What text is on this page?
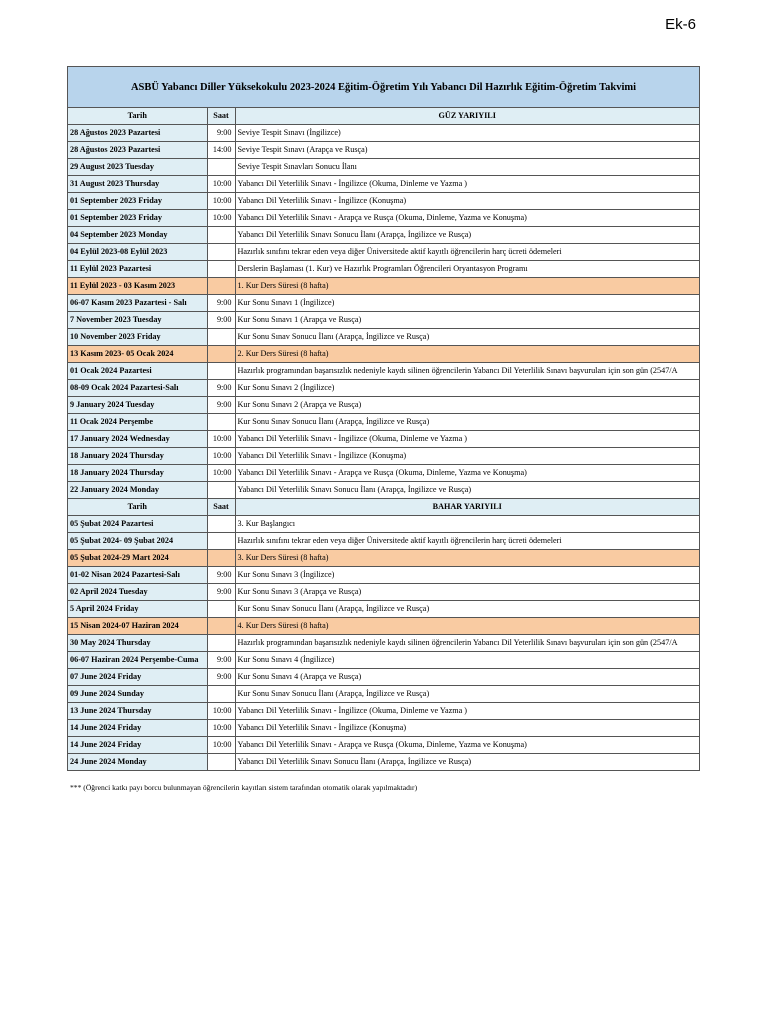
Ek-6
ASBÜ Yabancı Diller Yüksekokulu 2023-2024 Eğitim-Öğretim Yılı Yabancı Dil Hazırlık Eğitim-Öğretim Takvimi
Tarih	Saat	GÜZ YARIYILI
28 Ağustos 2023 Pazartesi	9:00	Seviye Tespit Sınavı (İngilizce)
28 Ağustos 2023 Pazartesi	14:00	Seviye Tespit Sınavı (Arapça ve Rusça)
29 August 2023 Tuesday		Seviye Tespit Sınavları Sonucu İlanı
31 August 2023 Thursday	10:00	Yabancı Dil Yeterlilik Sınavı - İngilizce (Okuma, Dinleme ve Yazma )
01 September 2023 Friday	10:00	Yabancı Dil Yeterlilik Sınavı - İngilizce (Konuşma)
01 September 2023 Friday	10:00	Yabancı Dil Yeterlilik Sınavı - Arapça ve Rusça (Okuma, Dinleme, Yazma ve Konuşma)
04 September 2023 Monday		Yabancı Dil Yeterlilik Sınavı Sonucu İlanı (Arapça, İngilizce ve Rusça)
04 Eylül 2023-08 Eylül 2023		Hazırlık sınıfını tekrar eden veya diğer Üniversitede aktif kayıtlı öğrencilerin harç ücreti ödemeleri
11 Eylül 2023 Pazartesi		Derslerin Başlaması (1. Kur) ve Hazırlık Programları Öğrencileri Oryantasyon Programı
11 Eylül 2023 - 03 Kasım 2023		1. Kur Ders Süresi (8 hafta)
06-07 Kasım 2023 Pazartesi - Salı	9:00	Kur Sonu Sınavı 1 (İngilizce)
7 November 2023 Tuesday	9:00	Kur Sonu Sınavı 1 (Arapça ve Rusça)
10 November 2023 Friday		Kur Sonu Sınav Sonucu İlanı (Arapça, İngilizce ve Rusça)
13 Kasım 2023- 05 Ocak 2024		2. Kur Ders Süresi (8 hafta)
01 Ocak 2024 Pazartesi		Hazırlık programından başarısızlık nedeniyle kaydı silinen öğrencilerin Yabancı Dil Yeterlilik Sınavı başvuruları için son gün (2547/A
08-09 Ocak 2024 Pazartesi-Salı	9:00	Kur Sonu Sınavı 2 (İngilizce)
9 January 2024 Tuesday	9:00	Kur Sonu Sınavı 2 (Arapça ve Rusça)
11 Ocak 2024 Perşembe		Kur Sonu Sınav Sonucu İlanı (Arapça, İngilizce ve Rusça)
17 January 2024 Wednesday	10:00	Yabancı Dil Yeterlilik Sınavı - İngilizce (Okuma, Dinleme ve Yazma )
18 January 2024 Thursday	10:00	Yabancı Dil Yeterlilik Sınavı - İngilizce (Konuşma)
18 January 2024 Thursday	10:00	Yabancı Dil Yeterlilik Sınavı - Arapça ve Rusça (Okuma, Dinleme, Yazma ve Konuşma)
22 January 2024 Monday		Yabancı Dil Yeterlilik Sınavı Sonucu İlanı (Arapça, İngilizce ve Rusça)
Tarih	Saat	BAHAR YARIYILI
05 Şubat 2024 Pazartesi		3. Kur Başlangıcı
05 Şubat 2024- 09 Şubat 2024		Hazırlık sınıfını tekrar eden veya diğer Üniversitede aktif kayıtlı öğrencilerin harç ücreti ödemeleri
05 Şubat 2024-29 Mart 2024		3. Kur Ders Süresi (8 hafta)
01-02 Nisan 2024 Pazartesi-Salı	9:00	Kur Sonu Sınavı 3 (İngilizce)
02 April 2024 Tuesday	9:00	Kur Sonu Sınavı 3 (Arapça ve Rusça)
5 April 2024 Friday		Kur Sonu Sınav Sonucu İlanı (Arapça, İngilizce ve Rusça)
15 Nisan 2024-07 Haziran 2024		4. Kur Ders Süresi (8 hafta)
30 May 2024 Thursday		Hazırlık programından başarısızlık nedeniyle kaydı silinen öğrencilerin Yabancı Dil Yeterlilik Sınavı başvuruları için son gün (2547/A
06-07 Haziran 2024 Perşembe-Cuma	9:00	Kur Sonu Sınavı 4 (İngilizce)
07 June 2024 Friday	9:00	Kur Sonu Sınavı 4 (Arapça ve Rusça)
09 June 2024 Sunday		Kur Sonu Sınav Sonucu İlanı (Arapça, İngilizce ve Rusça)
13 June 2024 Thursday	10:00	Yabancı Dil Yeterlilik Sınavı - İngilizce (Okuma, Dinleme ve Yazma )
14 June 2024 Friday	10:00	Yabancı Dil Yeterlilik Sınavı - İngilizce (Konuşma)
14 June 2024 Friday	10:00	Yabancı Dil Yeterlilik Sınavı - Arapça ve Rusça (Okuma, Dinleme, Yazma ve Konuşma)
24 June 2024 Monday		Yabancı Dil Yeterlilik Sınavı Sonucu İlanı (Arapça, İngilizce ve Rusça)
*** (Öğrenci katkı payı borcu bulunmayan öğrencilerin kayıtları sistem tarafından otomatik olarak yapılmaktadır)
